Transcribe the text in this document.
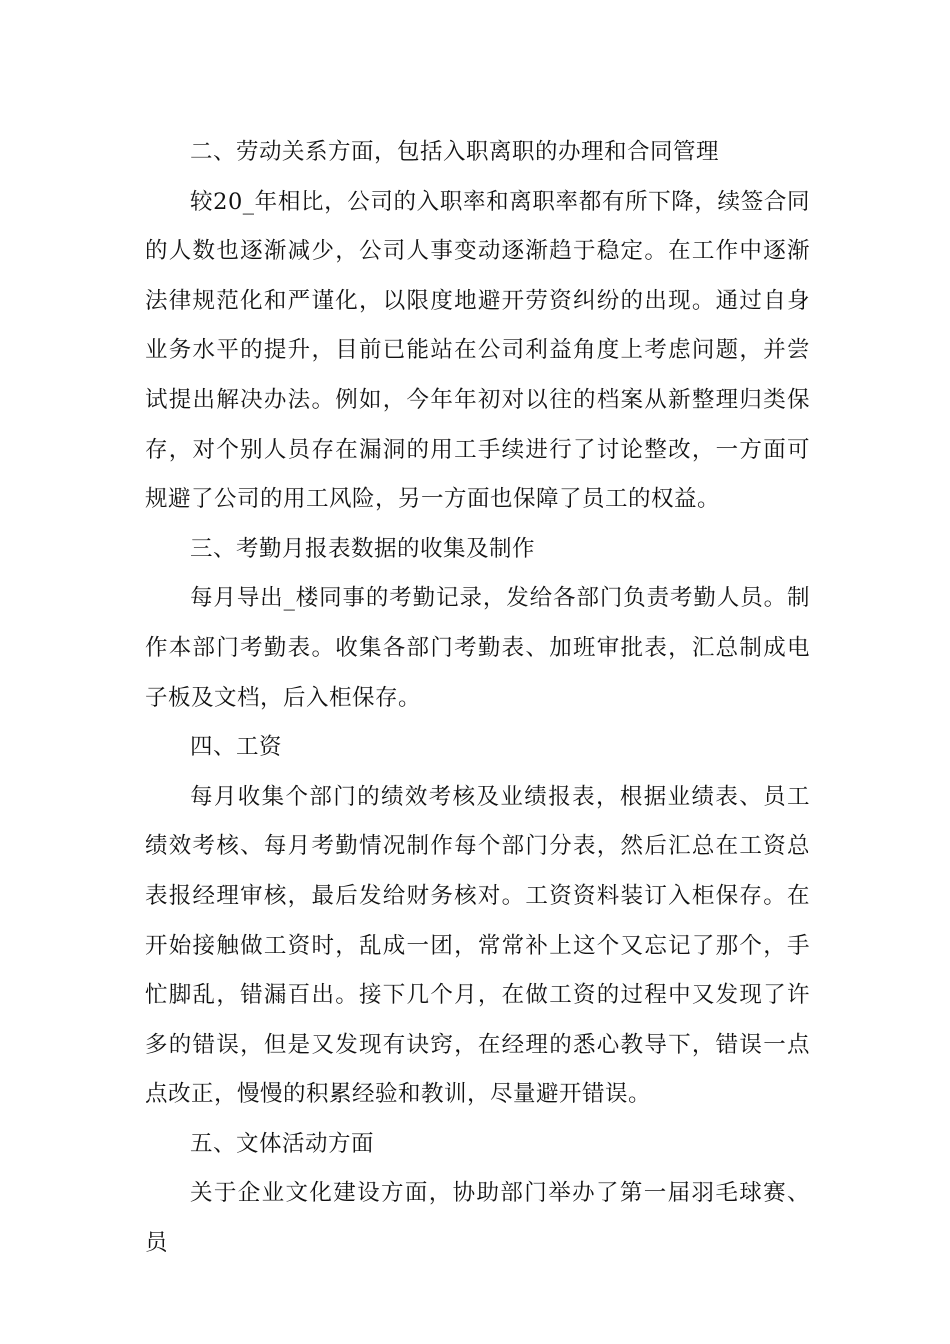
二、劳动关系方面，包括入职离职的办理和合同管理

较20_年相比，公司的入职率和离职率都有所下降，续签合同的人数也逐渐减少，公司人事变动逐渐趋于稳定。在工作中逐渐法律规范化和严谨化，以限度地避开劳资纠纷的出现。通过自身业务水平的提升，目前已能站在公司利益角度上考虑问题，并尝试提出解决办法。例如，今年年初对以往的档案从新整理归类保存，对个别人员存在漏洞的用工手续进行了讨论整改，一方面可规避了公司的用工风险，另一方面也保障了员工的权益。

三、考勤月报表数据的收集及制作

每月导出_楼同事的考勤记录，发给各部门负责考勤人员。制作本部门考勤表。收集各部门考勤表、加班审批表，汇总制成电子板及文档，后入柜保存。

四、工资

每月收集个部门的绩效考核及业绩报表，根据业绩表、员工绩效考核、每月考勤情况制作每个部门分表，然后汇总在工资总表报经理审核，最后发给财务核对。工资资料装订入柜保存。在开始接触做工资时，乱成一团，常常补上这个又忘记了那个，手忙脚乱，错漏百出。接下几个月，在做工资的过程中又发现了许多的错误，但是又发现有诀窍，在经理的悉心教导下，错误一点点改正，慢慢的积累经验和教训，尽量避开错误。

五、文体活动方面

关于企业文化建设方面，协助部门举办了第一届羽毛球赛、员
